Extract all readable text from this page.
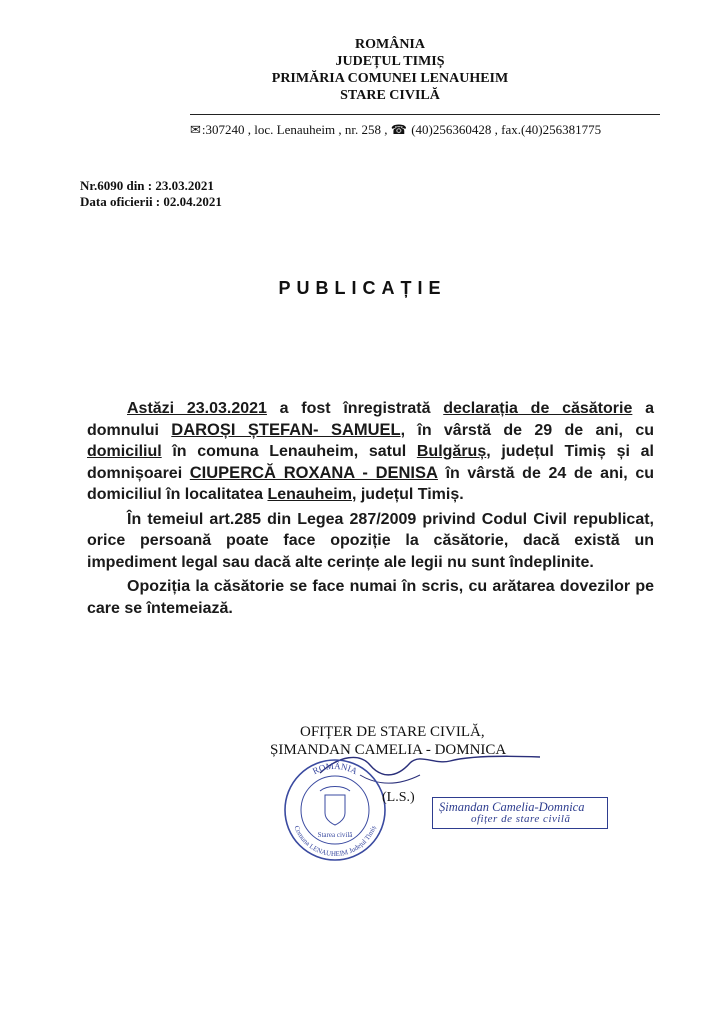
ROMÂNIA
JUDEȚUL TIMIȘ
PRIMĂRIA COMUNEI LENAUHEIM
STARE CIVILĂ
✉:307240 , loc. Lenauheim , nr. 258 , ☎ (40)256360428 , fax.(40)256381775
Nr.6090 din : 23.03.2021
Data oficierii : 02.04.2021
PUBLICAȚIE

Astăzi 23.03.2021 a fost înregistrată declarația de căsătorie a domnului DAROȘI ȘTEFAN- SAMUEL, în vârstă de 29 de ani, cu domiciliul în comuna Lenauheim, satul Bulgăruș, județul Timiș și al domnișoarei CIUPERCĂ ROXANA - DENISA în vârstă de 24 de ani, cu domiciliul în localitatea Lenauheim, județul Timiș.

În temeiul art.285 din Legea 287/2009 privind Codul Civil republicat, orice persoană poate face opoziție la căsătorie, dacă există un impediment legal sau dacă alte cerințe ale legii nu sunt îndeplinite.

Opoziția la căsătorie se face numai în scris, cu arătarea dovezilor pe care se întemeiază.

OFIȚER DE STARE CIVILĂ,
ȘIMANDAN CAMELIA - DOMNICA
ROMÂNIA
Comuna LENAUHEIM Județul Timiș
Starea civilă
(L.S.)
Șimandan Camelia-Domnica
ofițer de stare civilă
